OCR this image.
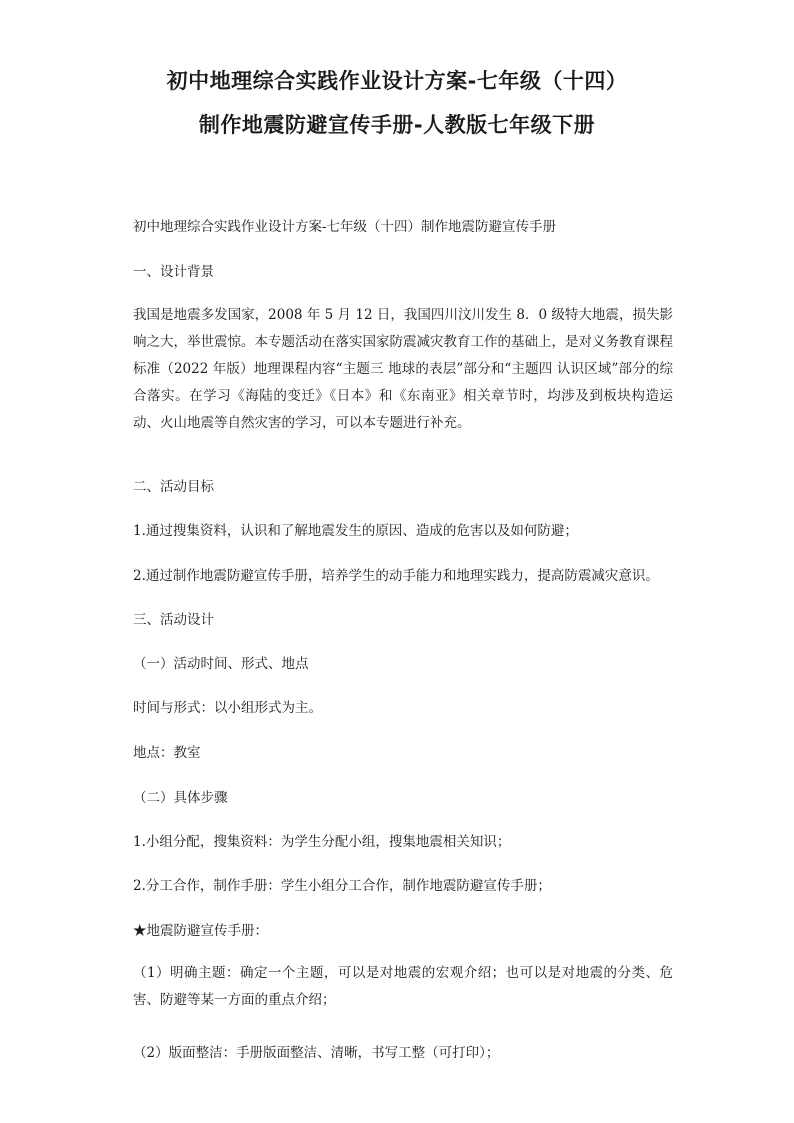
初中地理综合实践作业设计方案-七年级（十四）
制作地震防避宣传手册-人教版七年级下册
初中地理综合实践作业设计方案-七年级（十四）制作地震防避宣传手册
一、设计背景
我国是地震多发国家，2008 年 5 月 12 日，我国四川汶川发生 8．0 级特大地震，损失影响之大，举世震惊。本专题活动在落实国家防震减灾教育工作的基础上，是对义务教育课程标准（2022 年版）地理课程内容“主题三 地球的表层”部分和“主题四 认识区域”部分的综合落实。在学习《海陆的变迁》《日本》和《东南亚》相关章节时，均涉及到板块构造运动、火山地震等自然灾害的学习，可以本专题进行补充。
二、活动目标
1.通过搜集资料，认识和了解地震发生的原因、造成的危害以及如何防避；
2.通过制作地震防避宣传手册，培养学生的动手能力和地理实践力，提高防震减灾意识。
三、活动设计
（一）活动时间、形式、地点
时间与形式：以小组形式为主。
地点：教室
（二）具体步骤
1.小组分配，搜集资料：为学生分配小组，搜集地震相关知识；
2.分工合作，制作手册：学生小组分工合作，制作地震防避宣传手册；
★地震防避宣传手册：
（1）明确主题：确定一个主题，可以是对地震的宏观介绍；也可以是对地震的分类、危害、防避等某一方面的重点介绍；
（2）版面整洁：手册版面整洁、清晰，书写工整（可打印）；
